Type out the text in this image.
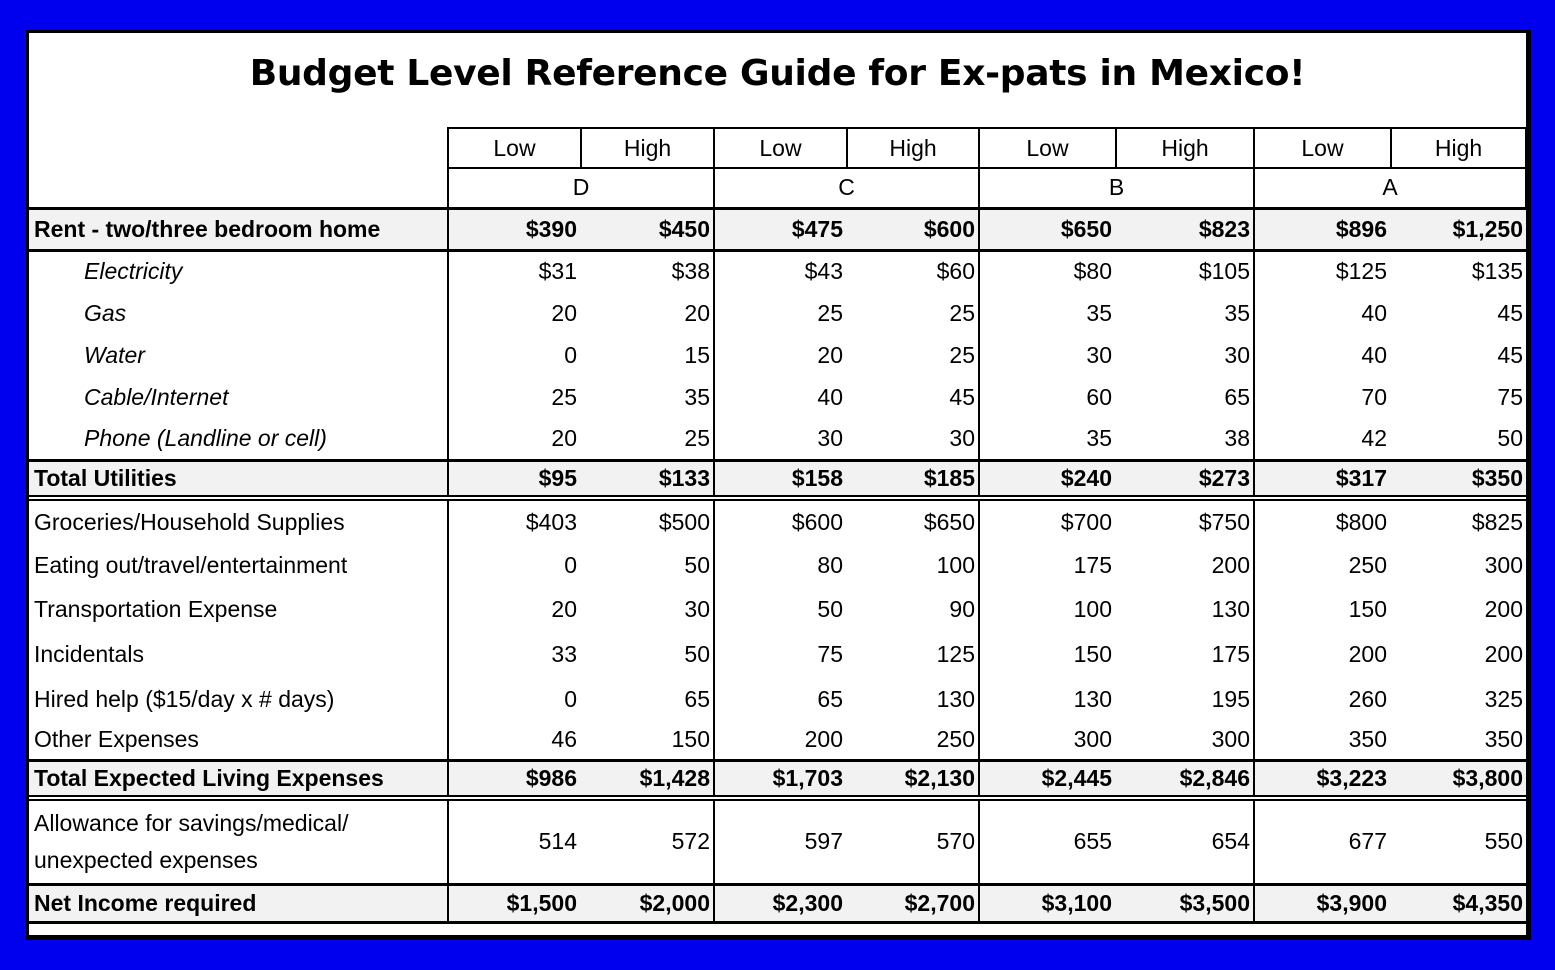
Budget Level Reference Guide for Ex-pats in Mexico!
	Low	High	Low	High	Low	High	Low	High
	D		C		B		A	
Rent - two/three bedroom home	$390	$450	$475	$600	$650	$823	$896	$1,250
Electricity	$31	$38	$43	$60	$80	$105	$125	$135
Gas	20	20	25	25	35	35	40	45
Water	0	15	20	25	30	30	40	45
Cable/Internet	25	35	40	45	60	65	70	75
Phone (Landline or cell)	20	25	30	30	35	38	42	50
Total Utilities	$95	$133	$158	$185	$240	$273	$317	$350
Groceries/Household Supplies	$403	$500	$600	$650	$700	$750	$800	$825
Eating out/travel/entertainment	0	50	80	100	175	200	250	300
Transportation Expense	20	30	50	90	100	130	150	200
Incidentals	33	50	75	125	150	175	200	200
Hired help ($15/day x # days)	0	65	65	130	130	195	260	325
Other Expenses	46	150	200	250	300	300	350	350
Total Expected Living Expenses	$986	$1,428	$1,703	$2,130	$2,445	$2,846	$3,223	$3,800

Allowance for savings/medical/
unexpected expenses	514	572	597	570	655	654	677	550
Net Income required	$1,500	$2,000	$2,300	$2,700	$3,100	$3,500	$3,900	$4,350
